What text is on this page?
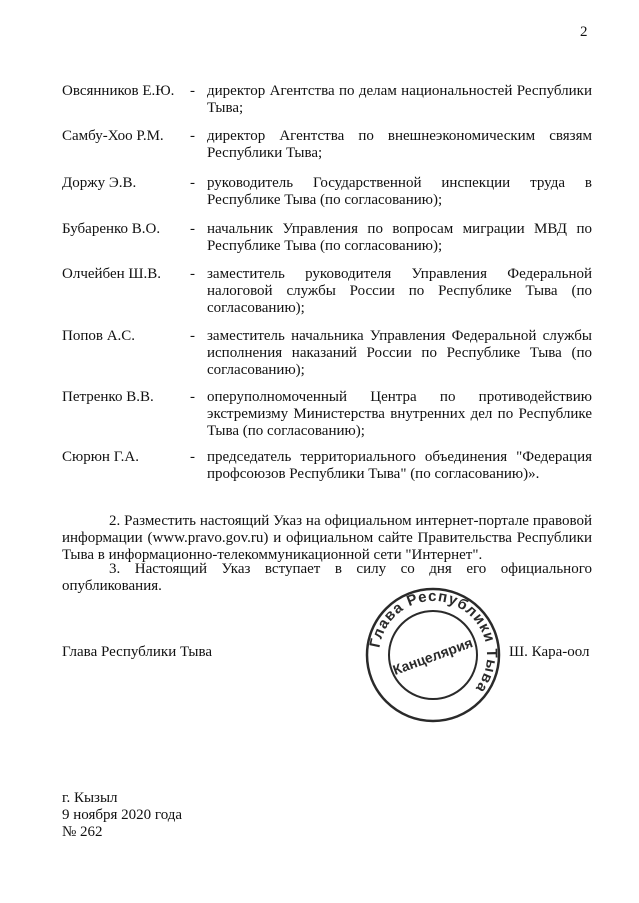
2
Овсянников Е.Ю. - директор Агентства по делам национальностей Республики Тыва;
Самбу-Хоо Р.М. - директор Агентства по внешнеэкономическим связям Республики Тыва;
Доржу Э.В.	- руководитель Государственной инспекции труда в Республике Тыва (по согласованию);
Бубаренко В.О. - начальник Управления по вопросам миграции МВД по Республике Тыва (по согласованию);
Олчейбен Ш.В. - заместитель руководителя Управления Федеральной налоговой службы России по Республике Тыва (по согласованию);
Попов А.С.	- заместитель начальника Управления Федеральной службы исполнения наказаний России по Республике Тыва (по согласованию);
Петренко В.В. - оперуполномоченный Центра по противодействию экстремизму Министерства внутренних дел по Республике Тыва (по согласованию);
Сюрюн Г.А.	- председатель территориального объединения "Федерация профсоюзов Республики Тыва" (по согласованию)».
2. Разместить настоящий Указ на официальном интернет-портале правовой информации (www.pravo.gov.ru) и официальном сайте Правительства Республики Тыва в информационно-телекоммуникационной сети "Интернет".
3. Настоящий Указ вступает в силу со дня его официального опубликования.
Глава Республики Тыва
Глава Республики Тыва
Канцелярия Ш. Кара-оол
г. Кызыл
9 ноября 2020 года
№ 262
